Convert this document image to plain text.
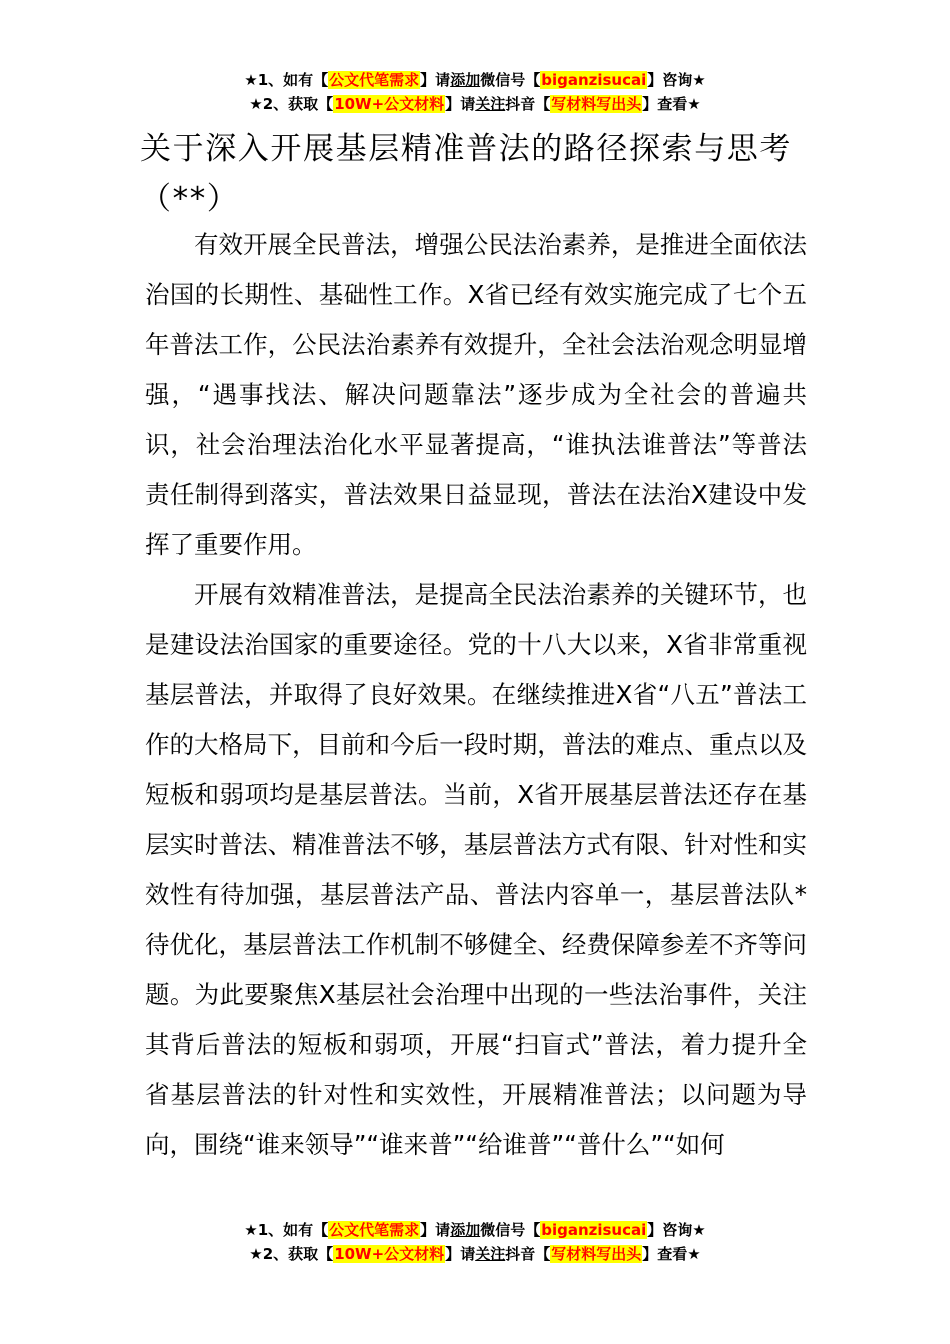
★1、如有【公文代笔需求】请添加微信号【biganzisucai】咨询★
★2、获取【10W+公文材料】请关注抖音【写材料写出头】查看★
关于深入开展基层精准普法的路径探索与思考
（**）

有效开展全民普法，增强公民法治素养，是推进全面依法治国的长期性、基础性工作。X省已经有效实施完成了七个五年普法工作，公民法治素养有效提升，全社会法治观念明显增强，“遇事找法、解决问题靠法”逐步成为全社会的普遍共识，社会治理法治化水平显著提高，“谁执法谁普法”等普法责任制得到落实，普法效果日益显现，普法在法治X建设中发挥了重要作用。

开展有效精准普法，是提高全民法治素养的关键环节，也是建设法治国家的重要途径。党的十八大以来，X省非常重视基层普法，并取得了良好效果。在继续推进X省“八五”普法工作的大格局下，目前和今后一段时期，普法的难点、重点以及短板和弱项均是基层普法。当前，X省开展基层普法还存在基层实时普法、精准普法不够，基层普法方式有限、针对性和实效性有待加强，基层普法产品、普法内容单一，基层普法队*待优化，基层普法工作机制不够健全、经费保障参差不齐等问题。为此要聚焦X基层社会治理中出现的一些法治事件，关注其背后普法的短板和弱项，开展“扫盲式”普法，着力提升全省基层普法的针对性和实效性，开展精准普法；以问题为导向，围绕“谁来领导”“谁来普”“给谁普”“普什么”“如何

★1、如有【公文代笔需求】请添加微信号【biganzisucai】咨询★
★2、获取【10W+公文材料】请关注抖音【写材料写出头】查看★
